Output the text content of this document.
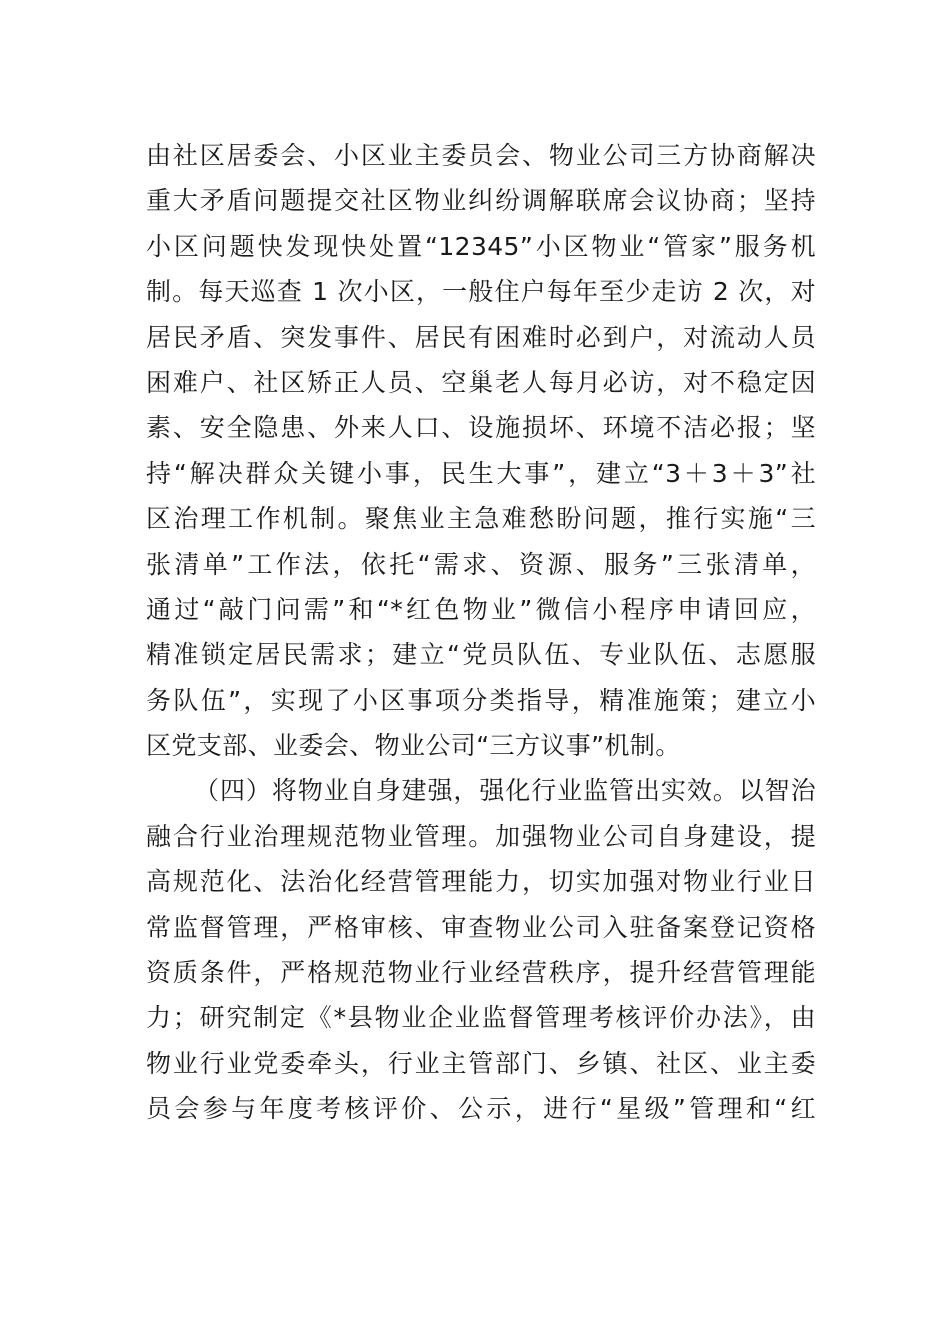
由社区居委会、小区业主委员会、物业公司三方协商解决
重大矛盾问题提交社区物业纠纷调解联席会议协商；坚持
小区问题快发现快处置“12345”小区物业“管家”服务机
制。每天巡查 1 次小区，一般住户每年至少走访 2 次，对
居民矛盾、突发事件、居民有困难时必到户，对流动人员
困难户、社区矫正人员、空巢老人每月必访，对不稳定因
素、安全隐患、外来人口、设施损坏、环境不洁必报；坚
持“解决群众关键小事，民生大事”，建立“3＋3＋3”社
区治理工作机制。聚焦业主急难愁盼问题，推行实施“三
张清单”工作法，依托“需求、资源、服务”三张清单，
通过“敲门问需”和“*红色物业”微信小程序申请回应，
精准锁定居民需求；建立“党员队伍、专业队伍、志愿服
务队伍”，实现了小区事项分类指导，精准施策；建立小
区党支部、业委会、物业公司“三方议事”机制。
（四）将物业自身建强，强化行业监管出实效。以智治
融合行业治理规范物业管理。加强物业公司自身建设，提
高规范化、法治化经营管理能力，切实加强对物业行业日
常监督管理，严格审核、审查物业公司入驻备案登记资格
资质条件，严格规范物业行业经营秩序，提升经营管理能
力；研究制定《*县物业企业监督管理考核评价办法》，由
物业行业党委牵头，行业主管部门、乡镇、社区、业主委
员会参与年度考核评价、公示，进行“星级”管理和“红
